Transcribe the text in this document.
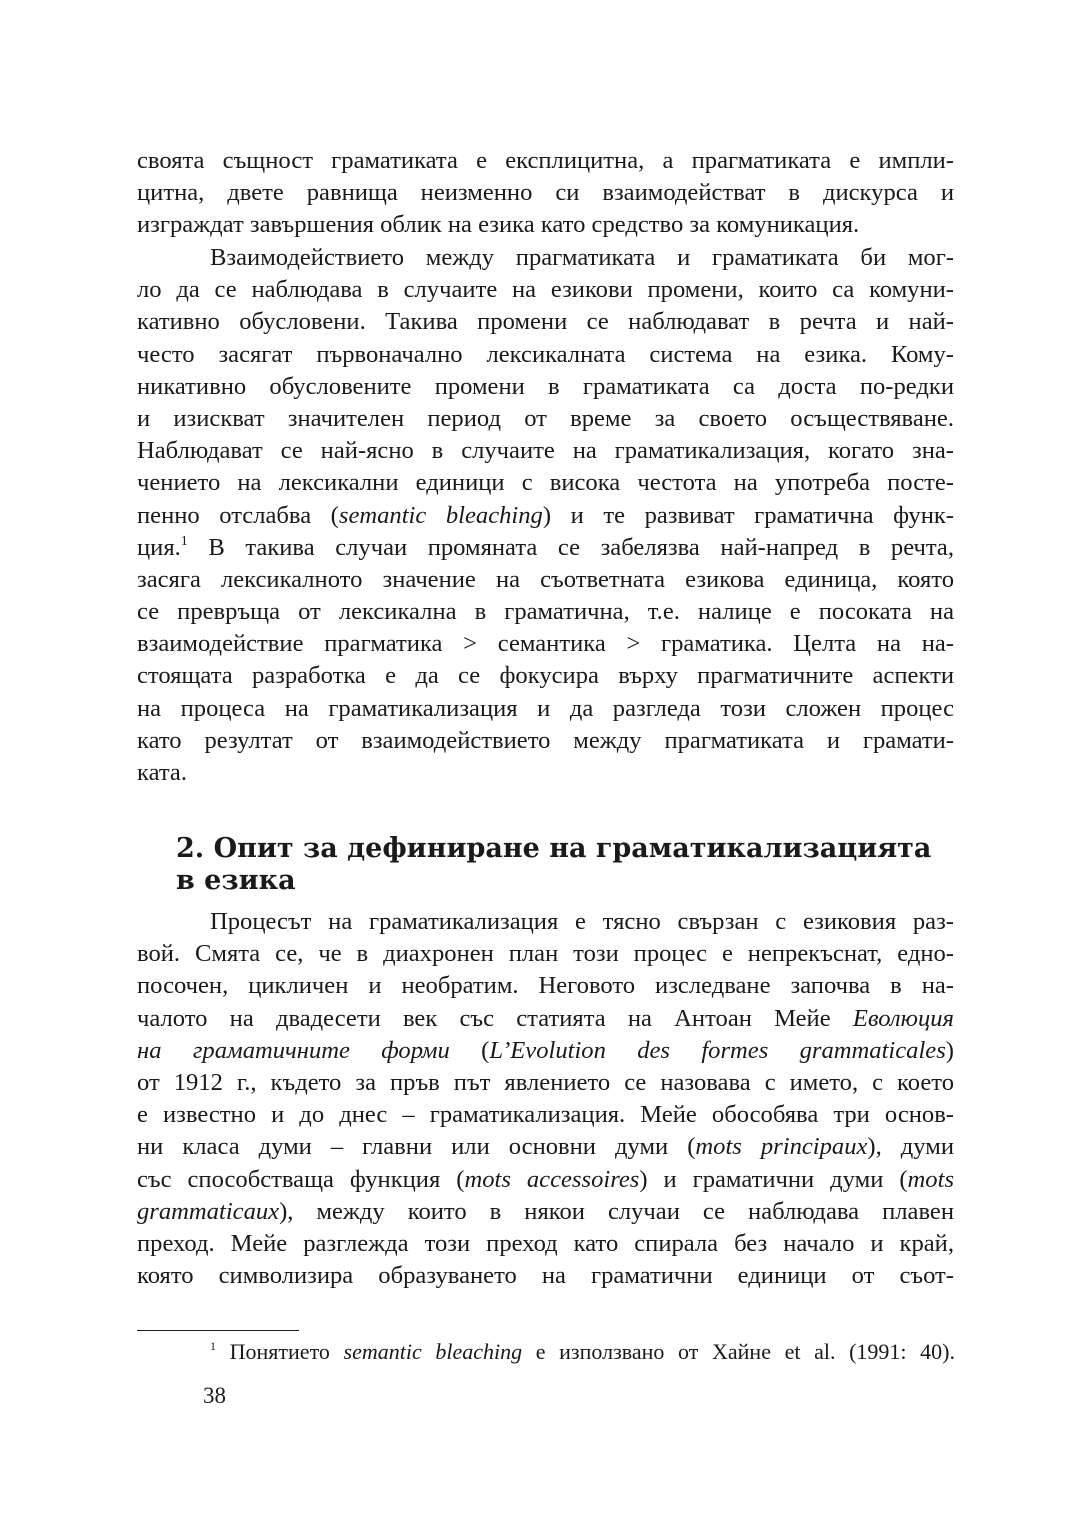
своята същност граматиката е експлицитна, а прагматиката е импли-
цитна, двете равнища неизменно си взаимодействат в дискурса и
изграждат завършения облик на езика като средство за комуникация.
Взаимодействието между прагматиката и граматиката би мог-
ло да се наблюдава в случаите на езикови промени, които са комуни-
кативно обусловени. Такива промени се наблюдават в речта и най-
често засягат първоначално лексикалната система на езика. Кому-
никативно обусловените промени в граматиката са доста по-редки
и изискват значителен период от време за своето осъществяване.
Наблюдават се най-ясно в случаите на граматикализация, когато зна-
чението на лексикални единици с висока честота на употреба посте-
пенно отслабва (semantic bleaching) и те развиват граматична функ-
ция.$^1$ В такива случаи промяната се забелязва най-напред в речта,
засяга лексикалното значение на съответната езикова единица, която
се превръща от лексикална в граматична, т.е. налице е посоката на
взаимодействие прагматика > семантика > граматика. Целта на на-
стоящата разработка е да се фокусира върху прагматичните аспекти
на процеса на граматикализация и да разгледа този сложен процес
като резултат от взаимодействието между прагматиката и грамати-
ката.
2. Опит за дефиниране на граматикализацията
в езика
Процесът на граматикализация е тясно свързан с езиковия раз-
вой. Смята се, че в диахронен план този процес е непрекъснат, едно-
посочен, цикличен и необратим. Неговото изследване започва в на-
чалото на двадесети век със статията на Антоан Мейе Еволюция
на граматичните форми (L’Evolution des formes grammaticales)
от 1912 г., където за пръв път явлението се назовава с името, с което
е известно и до днес – граматикализация. Мейе обособява три основ-
ни класа думи – главни или основни думи (mots principaux), думи
със способстваща функция (mots accessoires) и граматични думи (mots
grammaticaux), между които в някои случаи се наблюдава плавен
преход. Мейе разглежда този преход като спирала без начало и край,
която символизира образуването на граматични единици от съот-
$^1$ Понятието semantic bleaching е използвано от Хайне et al. (1991: 40).
38
